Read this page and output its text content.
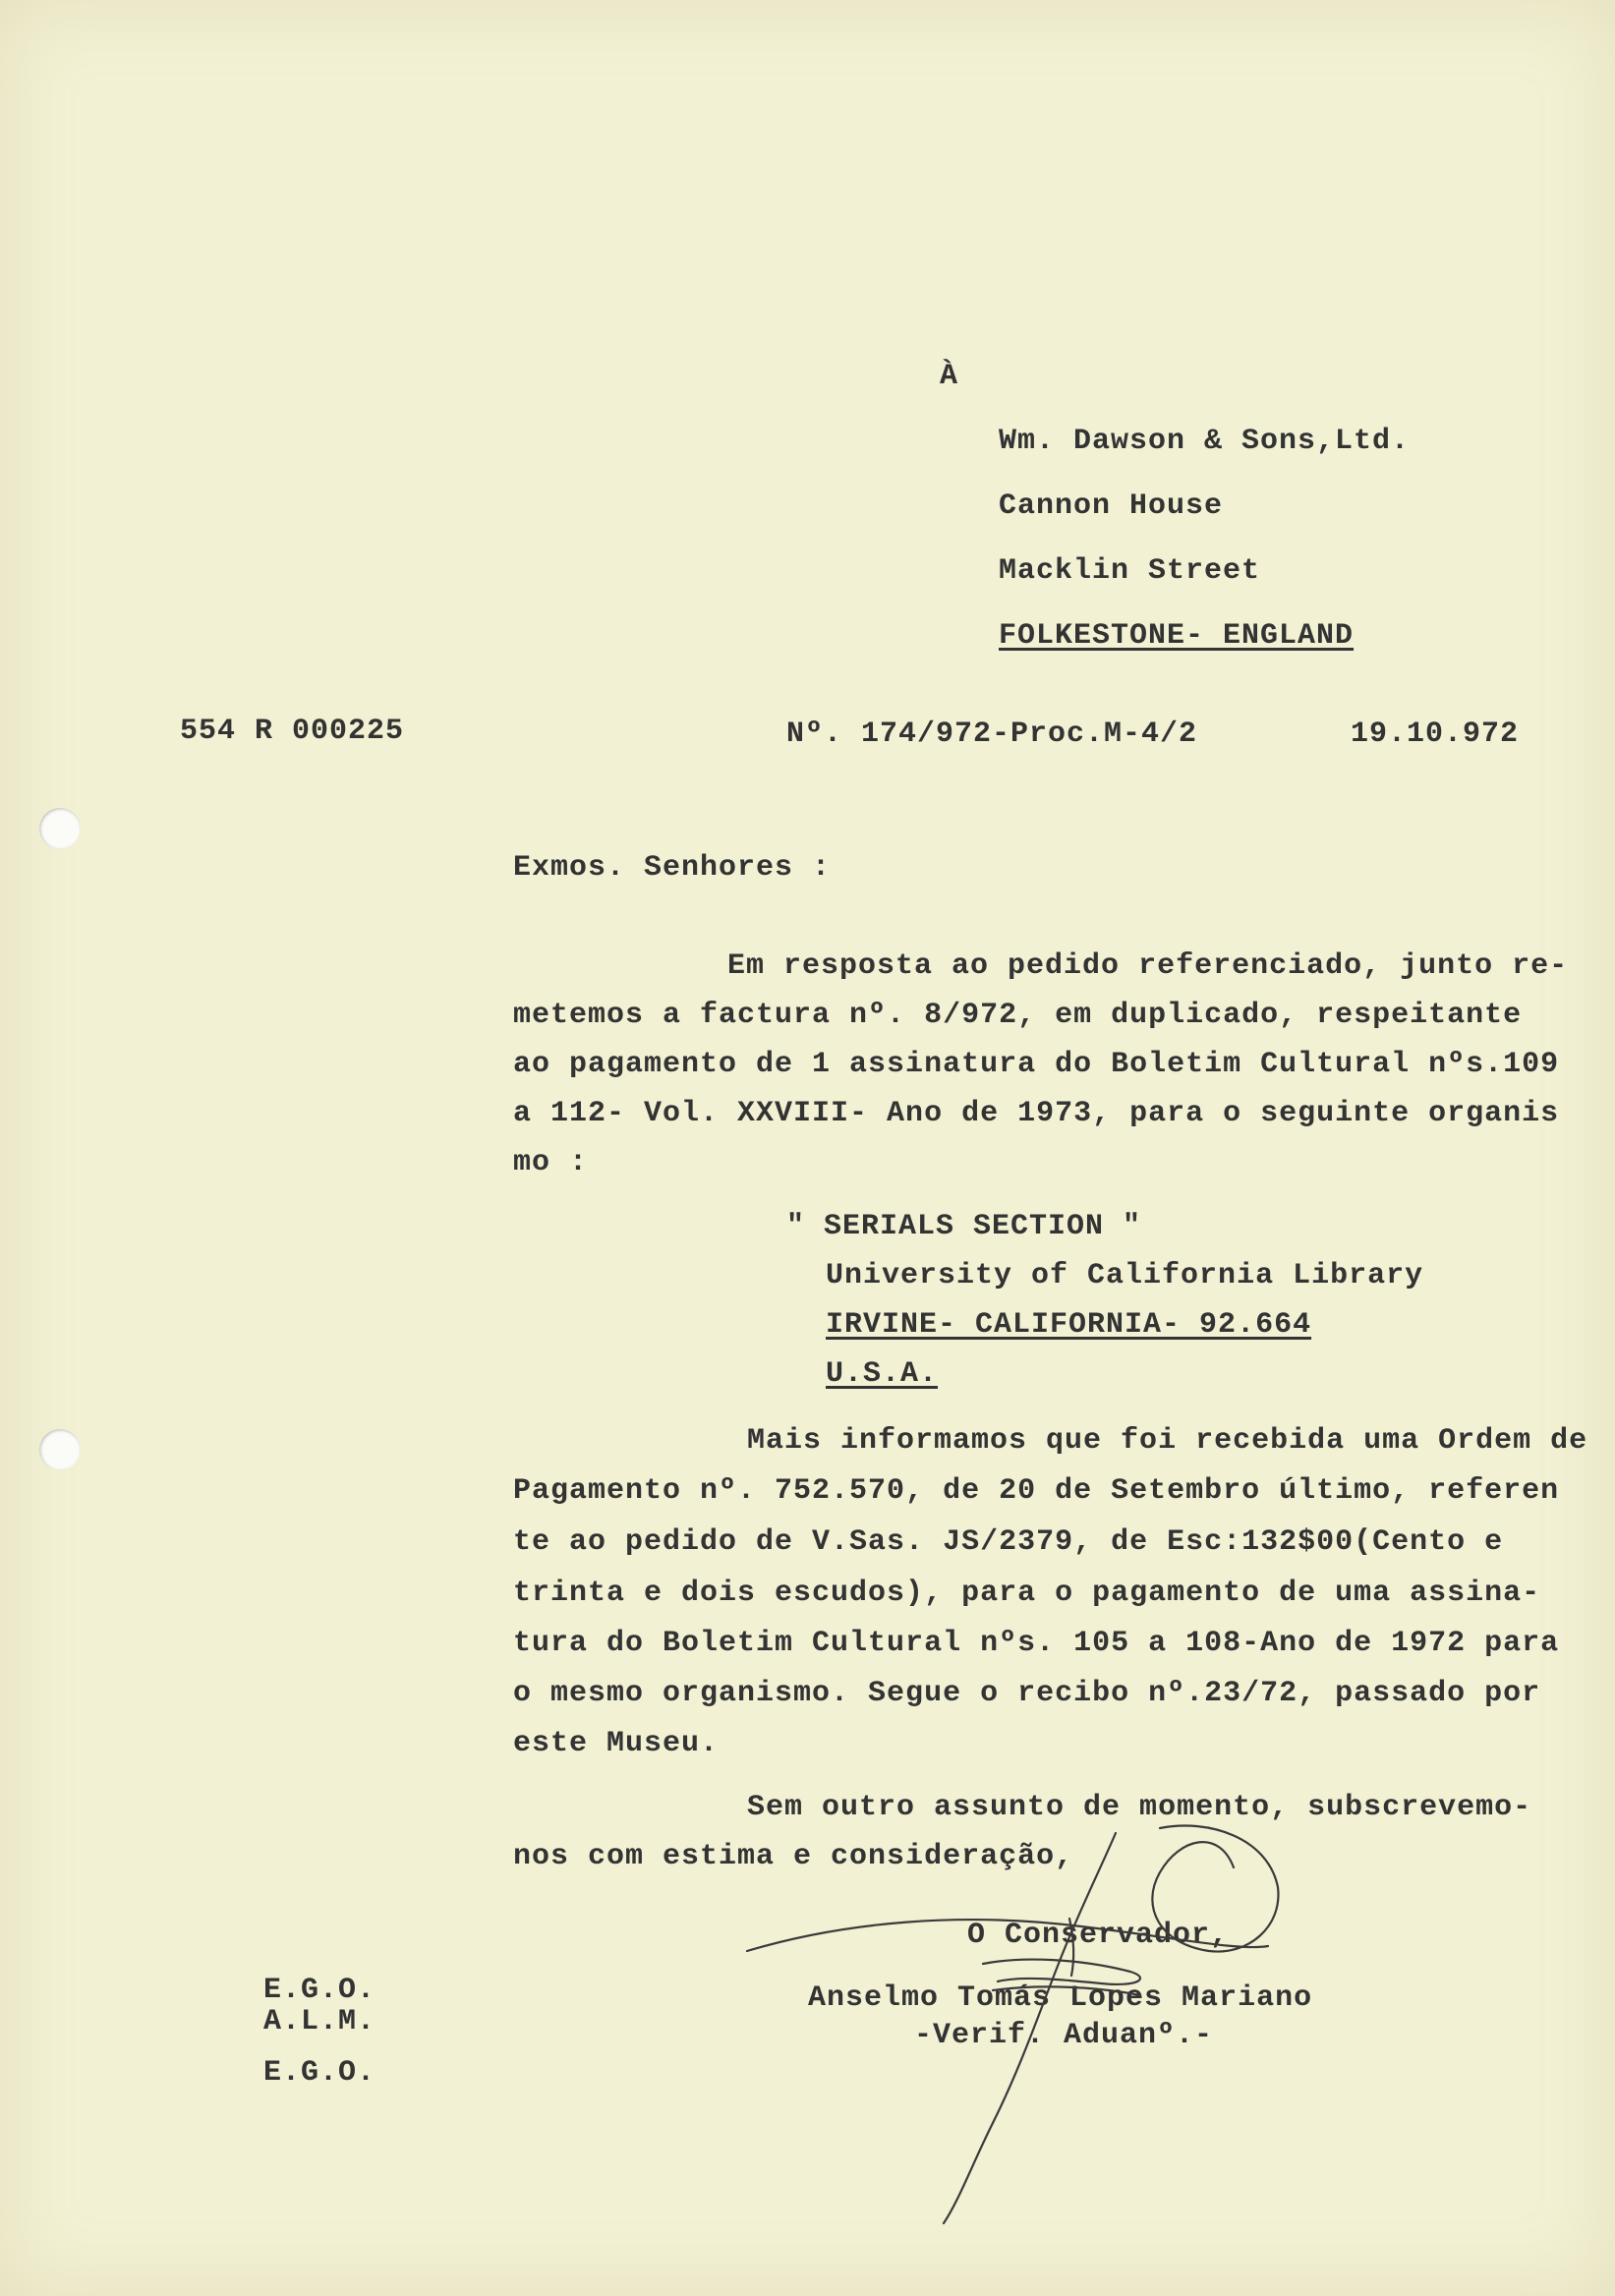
À
Wm. Dawson & Sons,Ltd.
Cannon House
Macklin Street
FOLKESTONE- ENGLAND
554 R 000225	Nº. 174/972-Proc.M-4/2	19.10.972
Exmos. Senhores :
Em resposta ao pedido referenciado, junto re-
metemos a factura nº. 8/972, em duplicado, respeitante
ao pagamento de 1 assinatura do Boletim Cultural nºs.109
a 112- Vol. XXVIII- Ano de 1973, para o seguinte organis
mo :
" SERIALS SECTION "
University of California Library
IRVINE- CALIFORNIA- 92.664
U.S.A.
Mais informamos que foi recebida uma Ordem de
Pagamento nº. 752.570, de 20 de Setembro último, referen
te ao pedido de V.Sas. JS/2379, de Esc:132$00(Cento e
trinta e dois escudos), para o pagamento de uma assina-
tura do Boletim Cultural nºs. 105 a 108-Ano de 1972 para
o mesmo organismo. Segue o recibo nº.23/72, passado por
este Museu.
Sem outro assunto de momento, subscrevemo-
nos com estima e consideração,
O Conservador,
Anselmo Tomás Lopes Mariano
-Verif. Aduanº.-
E.G.O.
A.L.M.
E.G.O.
